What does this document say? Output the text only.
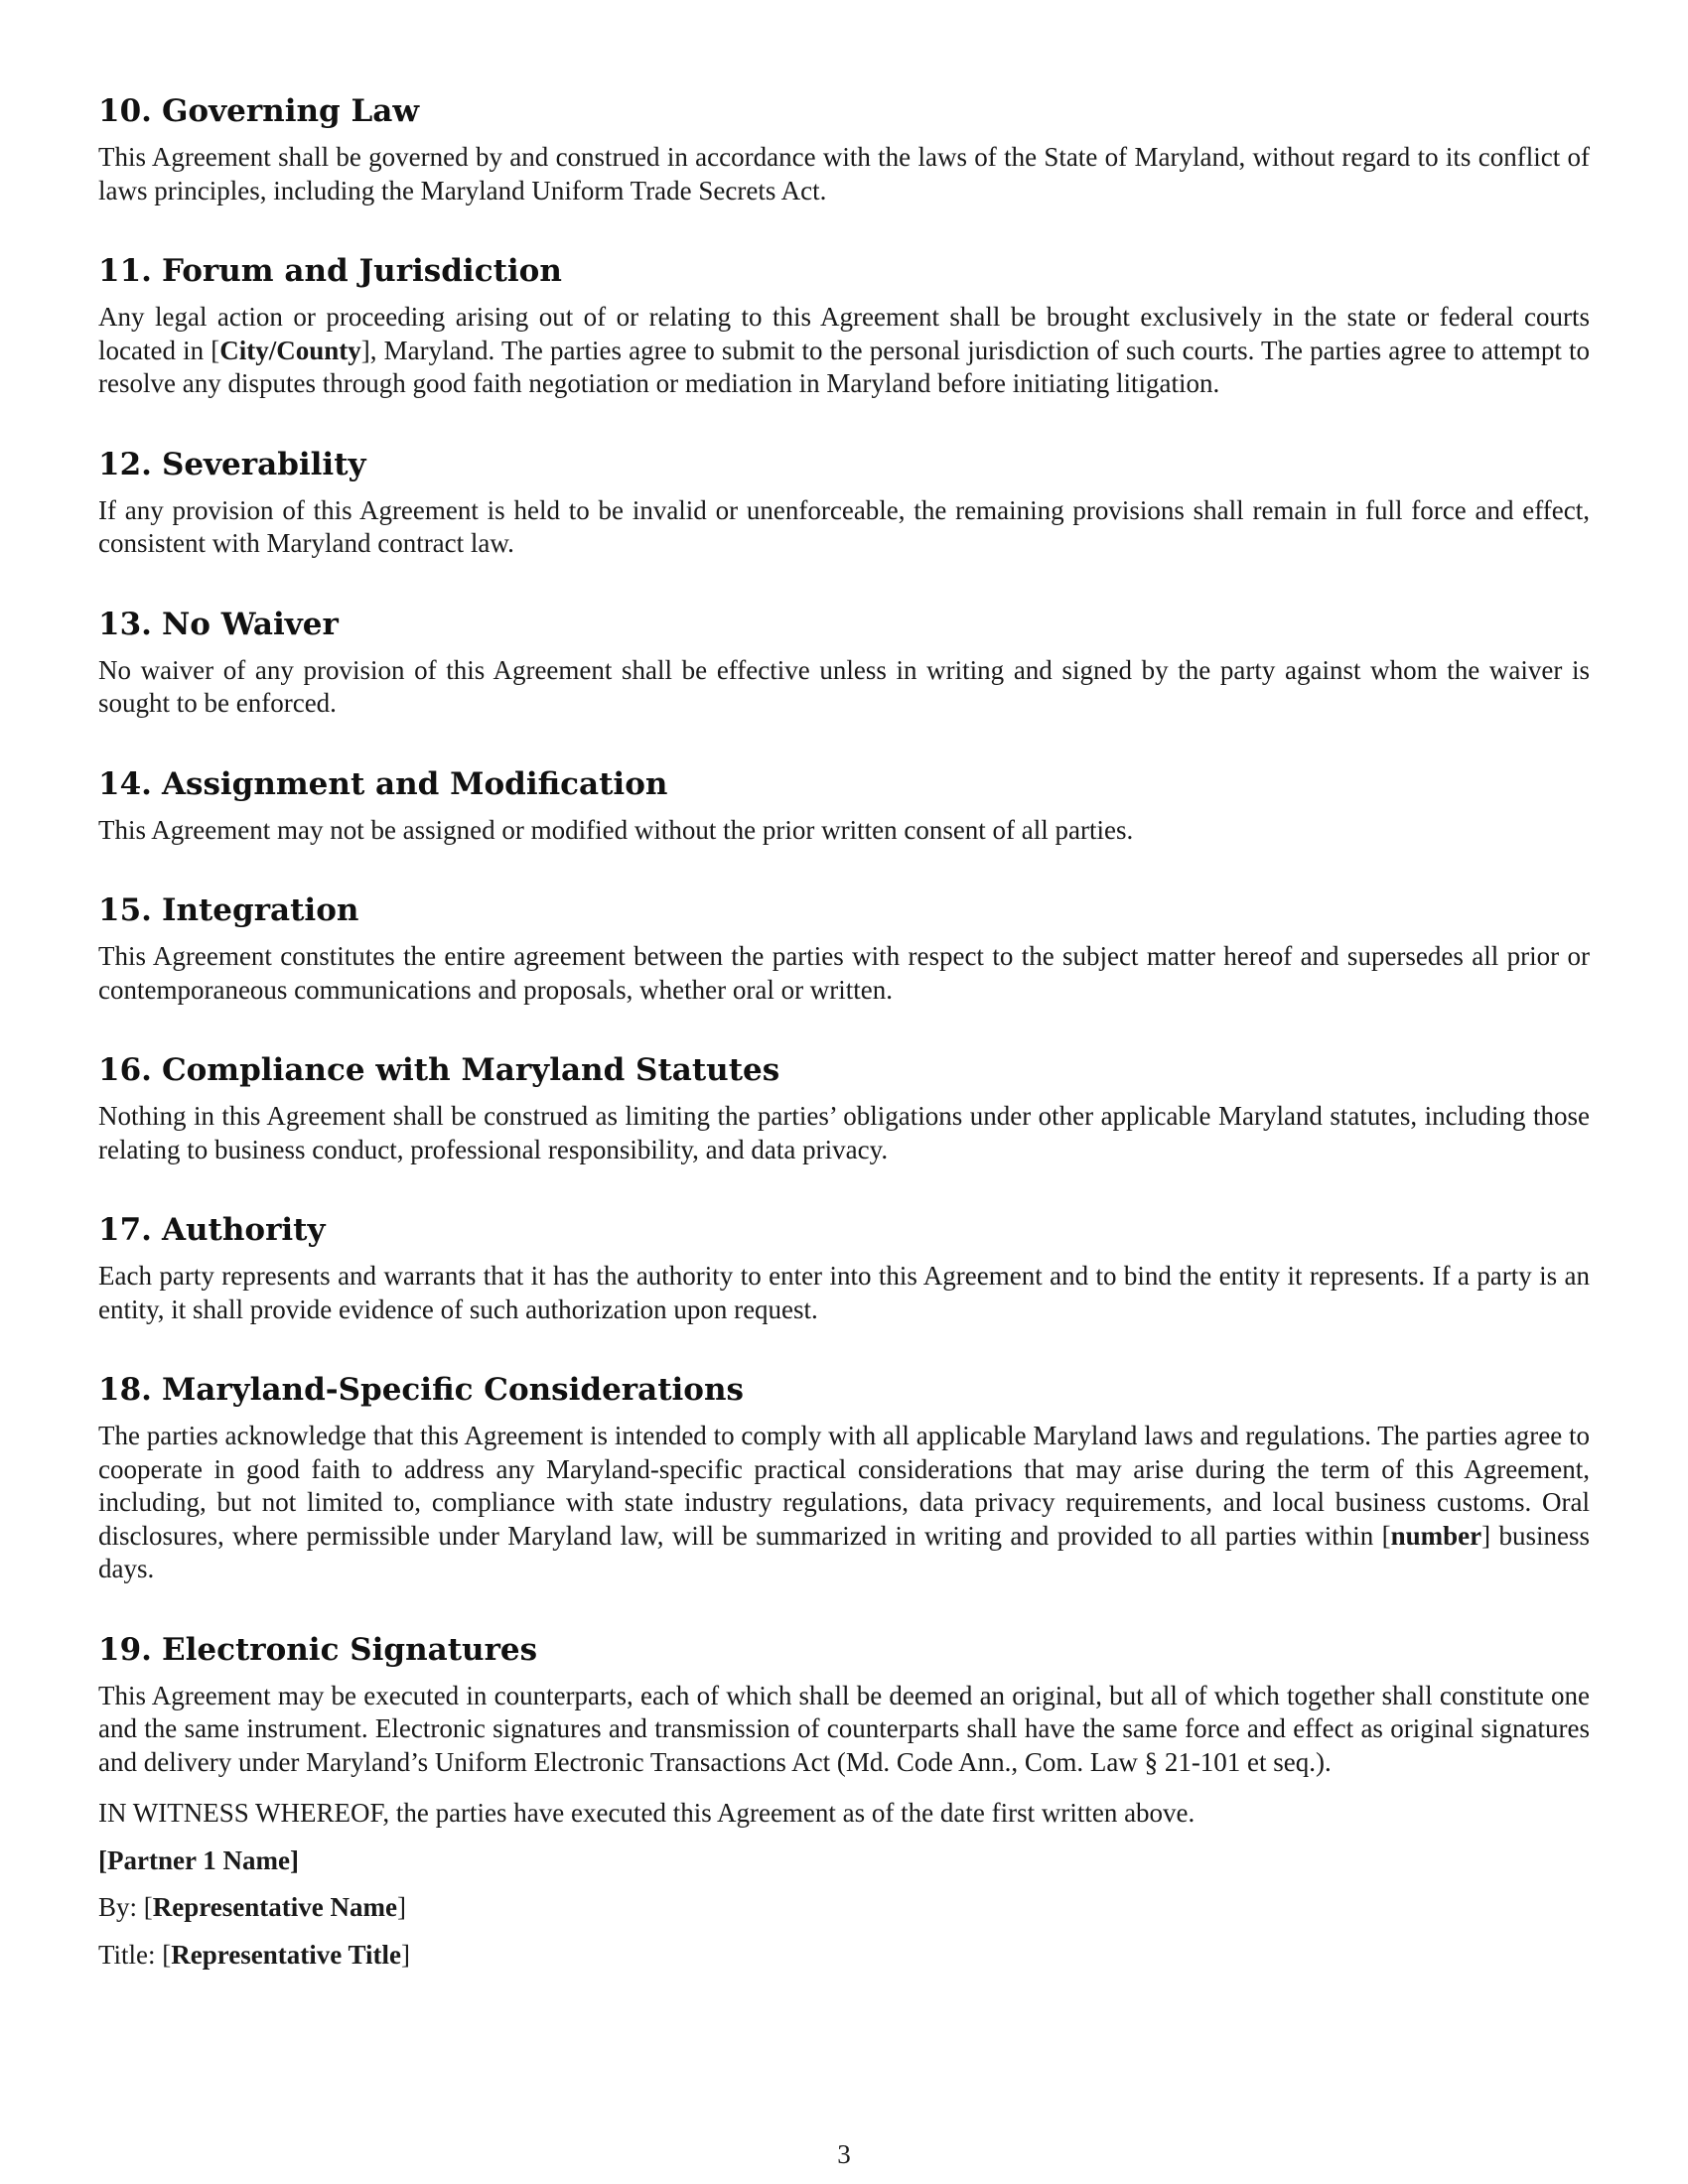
10. Governing Law

This Agreement shall be governed by and construed in accordance with the laws of the State of Maryland, without regard to its conflict of laws principles, including the Maryland Uniform Trade Secrets Act.

11. Forum and Jurisdiction

Any legal action or proceeding arising out of or relating to this Agreement shall be brought exclusively in the state or federal courts located in [City/County], Maryland. The parties agree to submit to the personal jurisdiction of such courts. The parties agree to attempt to resolve any disputes through good faith negotiation or mediation in Maryland before initiating litigation.

12. Severability

If any provision of this Agreement is held to be invalid or unenforceable, the remaining provisions shall remain in full force and effect, consistent with Maryland contract law.

13. No Waiver

No waiver of any provision of this Agreement shall be effective unless in writing and signed by the party against whom the waiver is sought to be enforced.

14. Assignment and Modification

This Agreement may not be assigned or modified without the prior written consent of all parties.

15. Integration

This Agreement constitutes the entire agreement between the parties with respect to the subject matter hereof and supersedes all prior or contemporaneous communications and proposals, whether oral or written.

16. Compliance with Maryland Statutes

Nothing in this Agreement shall be construed as limiting the parties’ obligations under other applicable Maryland statutes, including those relating to business conduct, professional responsibility, and data privacy.

17. Authority

Each party represents and warrants that it has the authority to enter into this Agreement and to bind the entity it represents. If a party is an entity, it shall provide evidence of such authorization upon request.

18. Maryland-Specific Considerations

The parties acknowledge that this Agreement is intended to comply with all applicable Maryland laws and regulations. The parties agree to cooperate in good faith to address any Maryland-specific practical considerations that may arise during the term of this Agreement, including, but not limited to, compliance with state industry regulations, data privacy requirements, and local business customs. Oral disclosures, where permissible under Maryland law, will be summarized in writing and provided to all parties within [number] business days.

19. Electronic Signatures

This Agreement may be executed in counterparts, each of which shall be deemed an original, but all of which together shall constitute one and the same instrument. Electronic signatures and transmission of counterparts shall have the same force and effect as original signatures and delivery under Maryland’s Uniform Electronic Transactions Act (Md. Code Ann., Com. Law § 21-101 et seq.).

IN WITNESS WHEREOF, the parties have executed this Agreement as of the date first written above.

[Partner 1 Name]

By: [Representative Name]

Title: [Representative Title]

3
